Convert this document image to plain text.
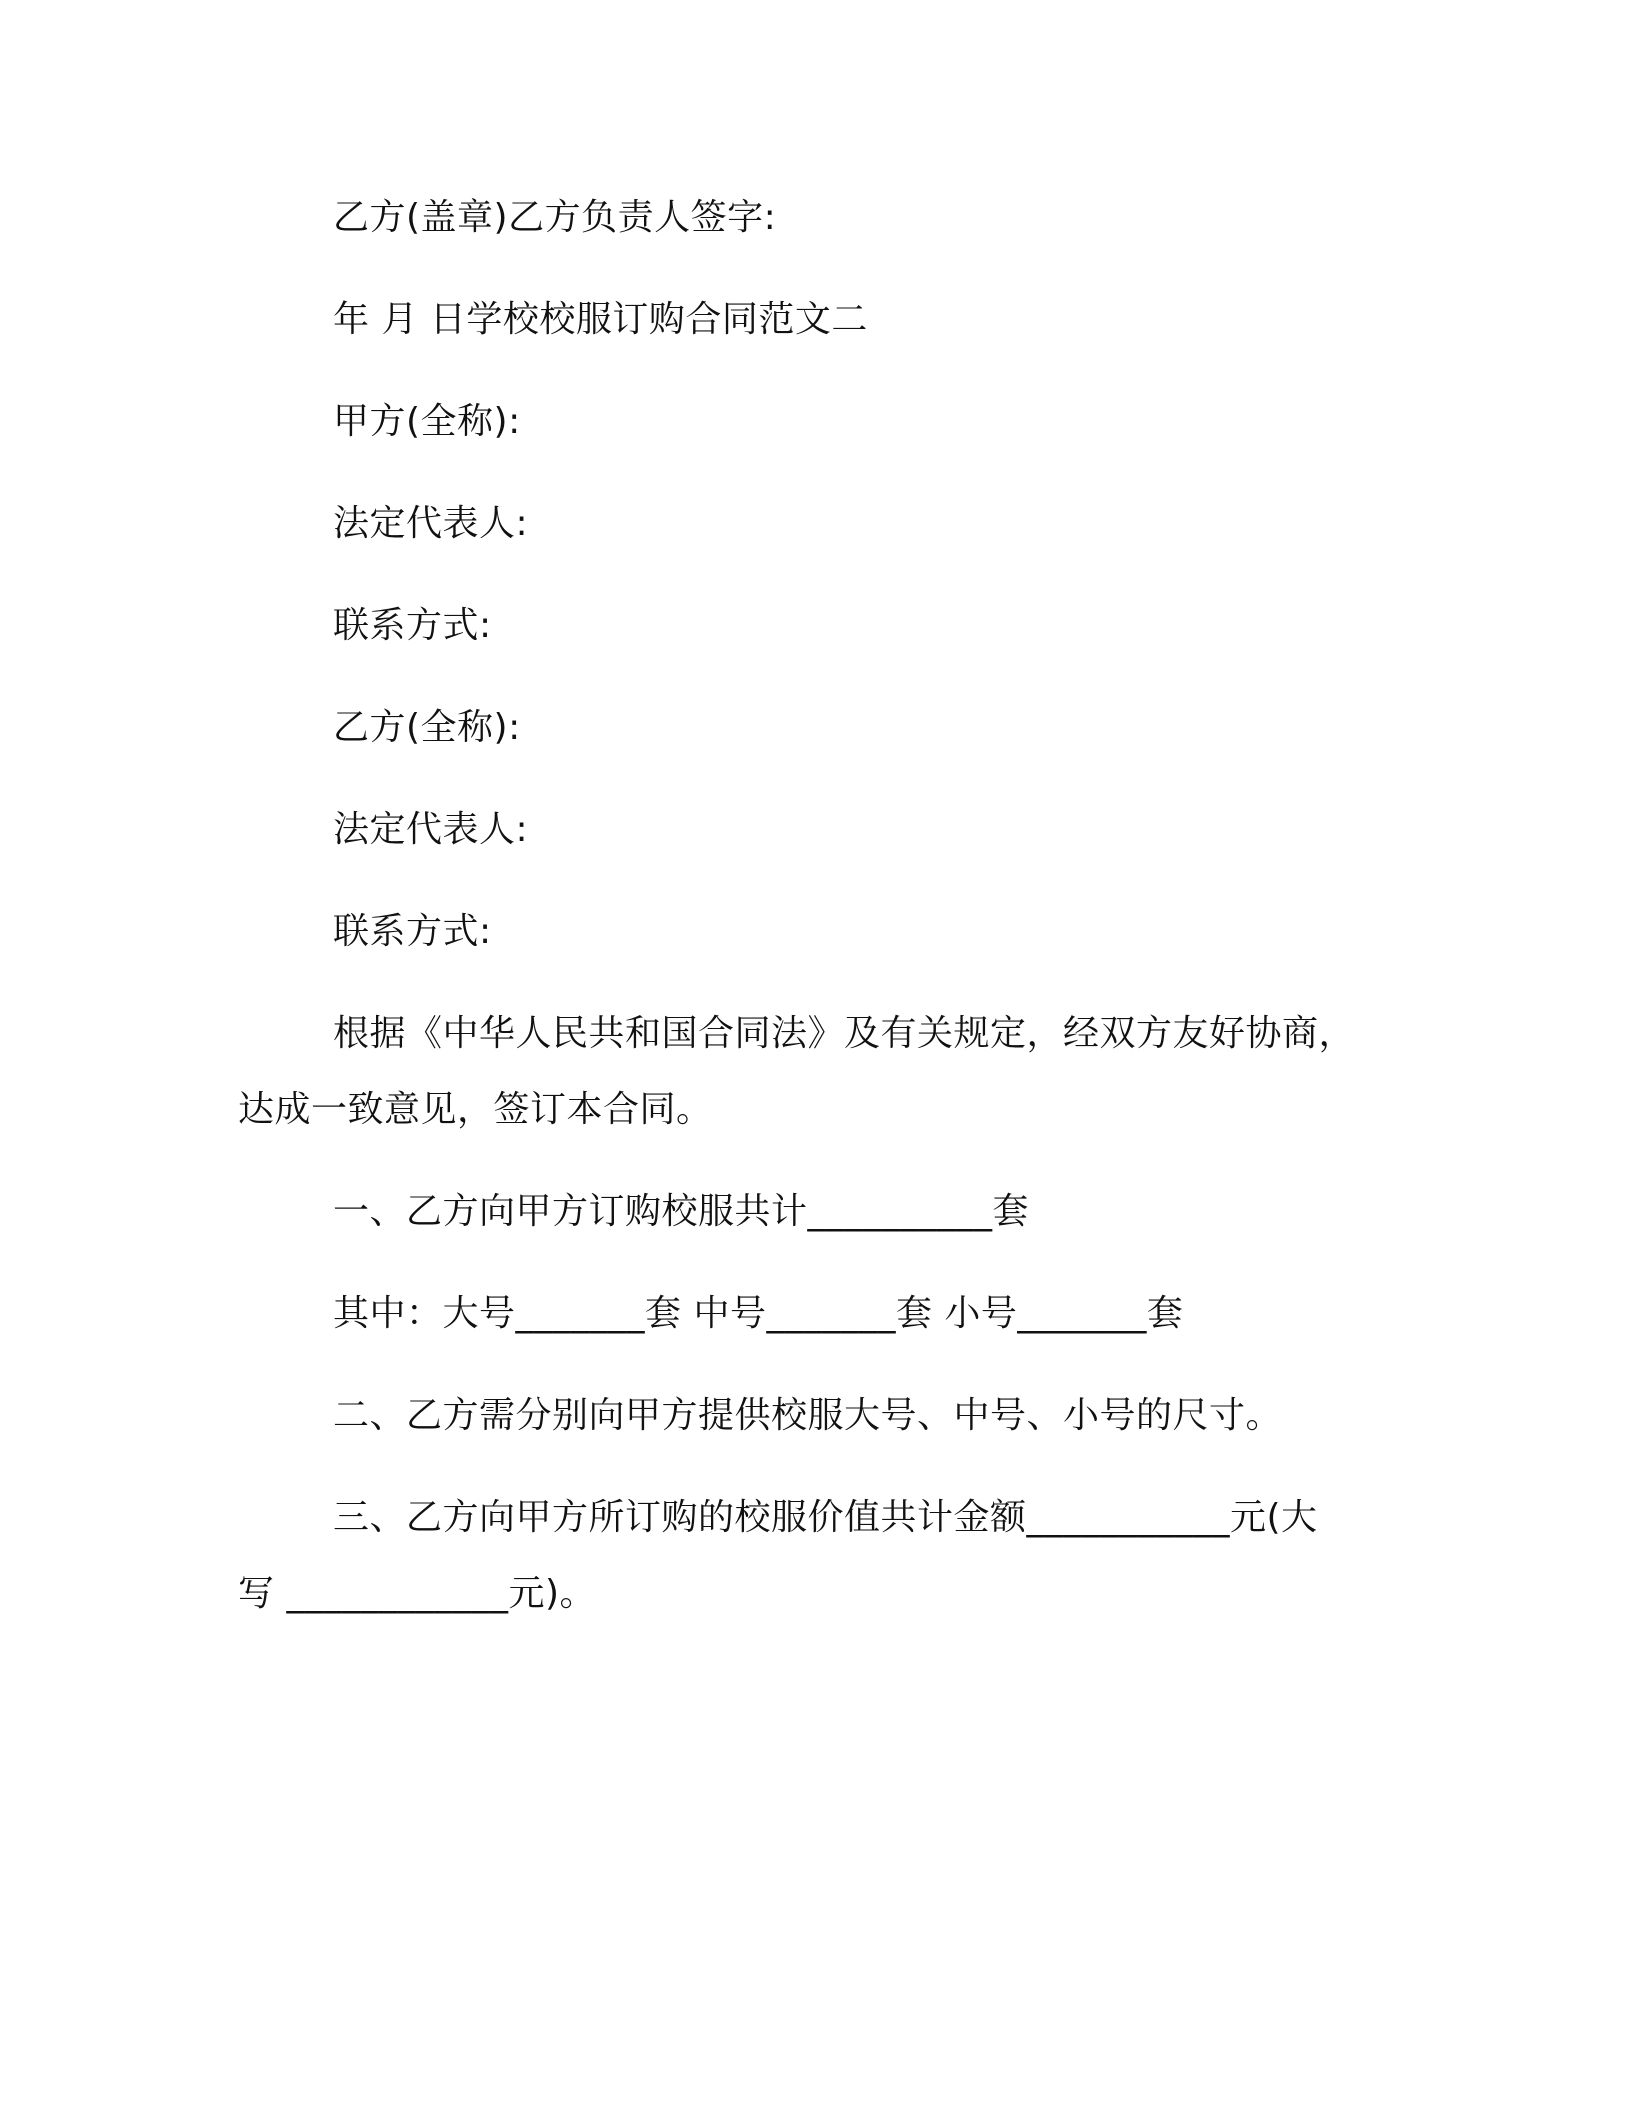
乙方(盖章)乙方负责人签字:
年 月 日学校校服订购合同范文二
甲方(全称):
法定代表人:
联系方式:
乙方(全称):
法定代表人:
联系方式:
根据《中华人民共和国合同法》及有关规定，经双方友好协商，
达成一致意见，签订本合同。
一、乙方向甲方订购校服共计__________套
其中：大号_______套 中号_______套 小号_______套
二、乙方需分别向甲方提供校服大号、中号、小号的尺寸。
三、乙方向甲方所订购的校服价值共计金额___________元(大
写 ____________元)。
